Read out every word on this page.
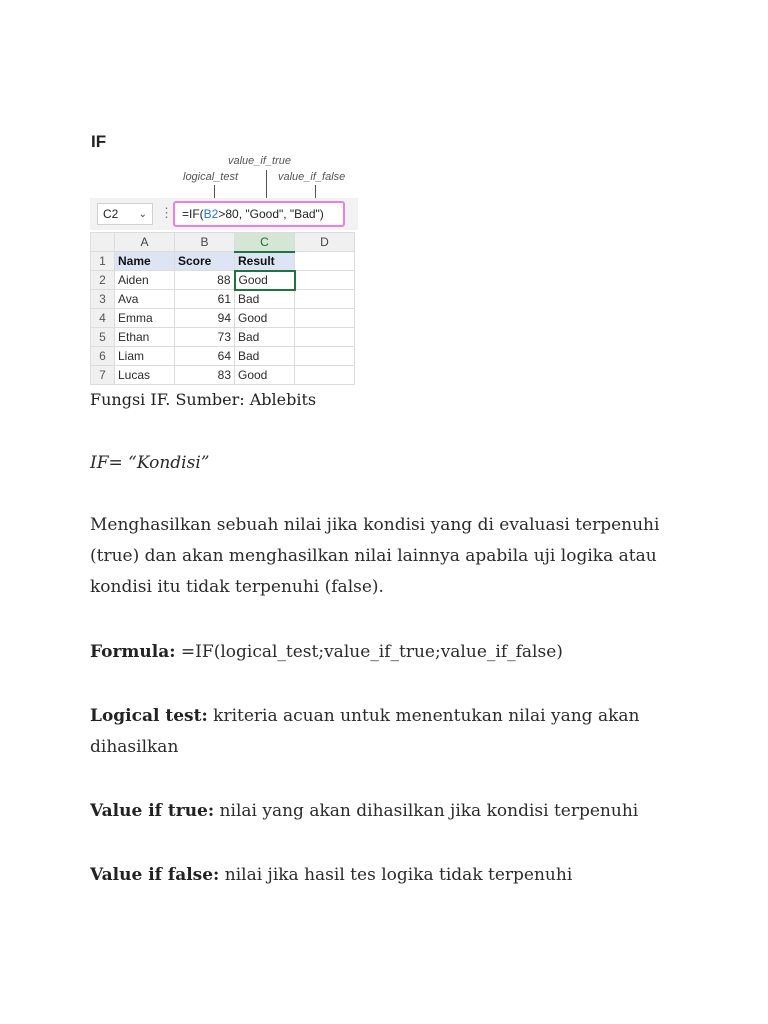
IF
value_if_true
logical_test	value_if_false
C2 ⌄ ⋮ =IF( B2 >80, "Good", "Bad")
	A	B	C	D
1	Name	Score	Result	
2	Aiden	88	Good	
3	Ava	61	Bad	
4	Emma	94	Good	
5	Ethan	73	Bad	
6	Liam	64	Bad	
7	Lucas	83	Good	
Fungsi IF. Sumber: Ablebits
IF= “Kondisi”
Menghasilkan sebuah nilai jika kondisi yang di evaluasi terpenuhi (true) dan akan menghasilkan nilai lainnya apabila uji logika atau kondisi itu tidak terpenuhi (false).
Formula: =IF(logical_test;value_if_true;value_if_false)
Logical test: kriteria acuan untuk menentukan nilai yang akan dihasilkan
Value if true: nilai yang akan dihasilkan jika kondisi terpenuhi
Value if false: nilai jika hasil tes logika tidak terpenuhi
